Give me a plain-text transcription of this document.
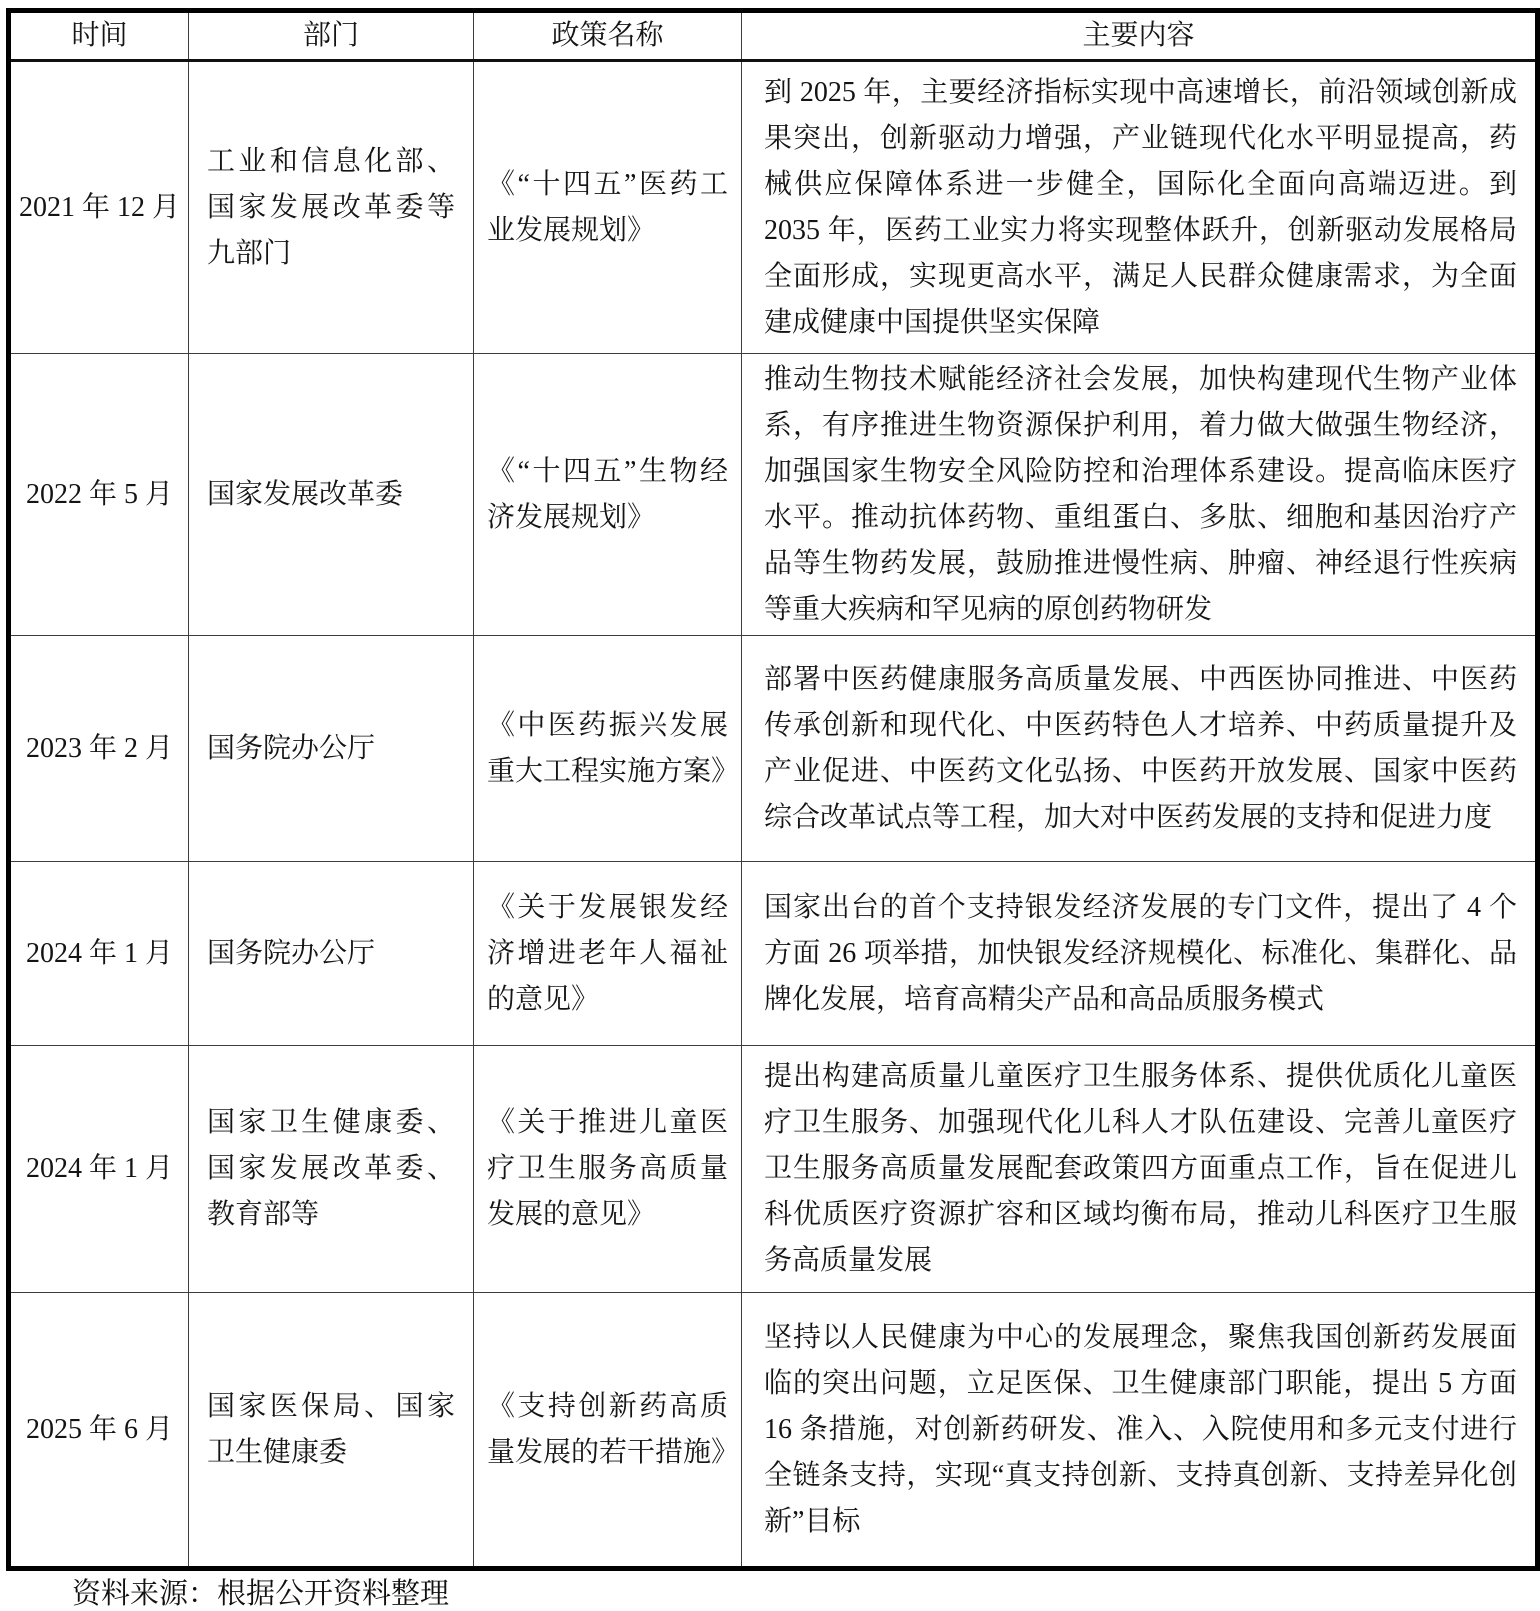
时间	部门	政策名称	主要内容
2021 年 12 月	工业和信息化部、国家发展改革委等九部门	《“十四五”医药工业发展规划》	到 2025 年，主要经济指标实现中高速增长，前沿领域创新成果突出，创新驱动力增强，产业链现代化水平明显提高，药械供应保障体系进一步健全，国际化全面向高端迈进。到 2035 年，医药工业实力将实现整体跃升，创新驱动发展格局全面形成，实现更高水平，满足人民群众健康需求，为全面建成健康中国提供坚实保障
2022 年 5 月	国家发展改革委	《“十四五”生物经济发展规划》	推动生物技术赋能经济社会发展，加快构建现代生物产业体系，有序推进生物资源保护利用，着力做大做强生物经济，加强国家生物安全风险防控和治理体系建设。提高临床医疗水平。推动抗体药物、重组蛋白、多肽、细胞和基因治疗产品等生物药发展，鼓励推进慢性病、肿瘤、神经退行性疾病等重大疾病和罕见病的原创药物研发
2023 年 2 月	国务院办公厅	《中医药振兴发展重大工程实施方案》	部署中医药健康服务高质量发展、中西医协同推进、中医药传承创新和现代化、中医药特色人才培养、中药质量提升及产业促进、中医药文化弘扬、中医药开放发展、国家中医药综合改革试点等工程，加大对中医药发展的支持和促进力度
2024 年 1 月	国务院办公厅	《关于发展银发经济增进老年人福祉的意见》	国家出台的首个支持银发经济发展的专门文件，提出了 4 个方面 26 项举措，加快银发经济规模化、标准化、集群化、品牌化发展，培育高精尖产品和高品质服务模式
2024 年 1 月	国家卫生健康委、国家发展改革委、教育部等	《关于推进儿童医疗卫生服务高质量发展的意见》	提出构建高质量儿童医疗卫生服务体系、提供优质化儿童医疗卫生服务、加强现代化儿科人才队伍建设、完善儿童医疗卫生服务高质量发展配套政策四方面重点工作，旨在促进儿科优质医疗资源扩容和区域均衡布局，推动儿科医疗卫生服务高质量发展
2025 年 6 月	国家医保局、国家卫生健康委	《支持创新药高质量发展的若干措施》	坚持以人民健康为中心的发展理念，聚焦我国创新药发展面临的突出问题，立足医保、卫生健康部门职能，提出 5 方面 16 条措施，对创新药研发、准入、入院使用和多元支付进行全链条支持，实现“真支持创新、支持真创新、支持差异化创新”目标
资料来源：根据公开资料整理
